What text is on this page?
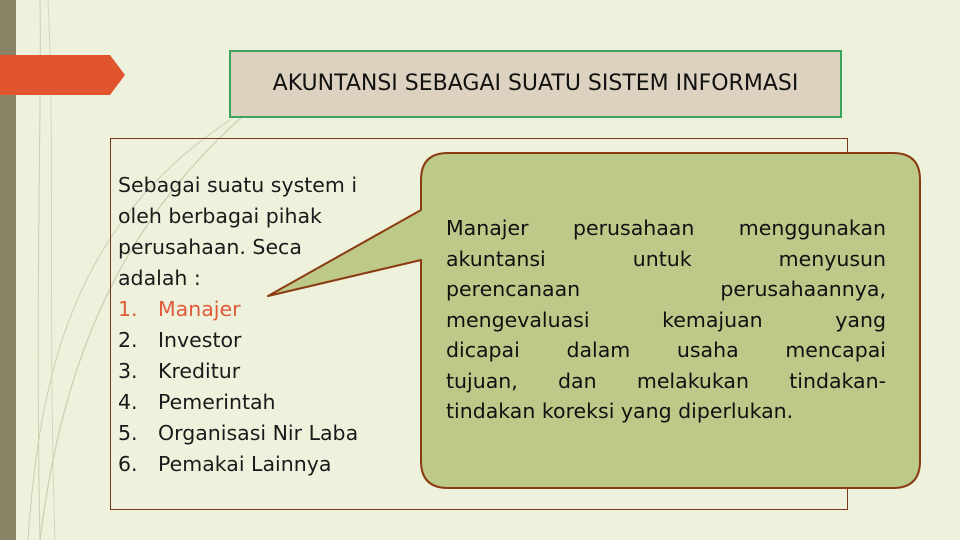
AKUNTANSI SEBAGAI SUATU SISTEM INFORMASI

Sebagai suatu system i

oleh berbagai pihak

perusahaan. Seca

adalah :

1. Manajer
2. Investor
3. Kreditur
4. Pemerintah
5. Organisasi Nir Laba
6. Pemakai Lainnya

Manajer perusahaan menggunakan

akuntansi untuk menyusun

perencanaan perusahaannya,

mengevaluasi kemajuan yang

dicapai dalam usaha mencapai

tujuan, dan melakukan tindakan-

tindakan koreksi yang diperlukan.
